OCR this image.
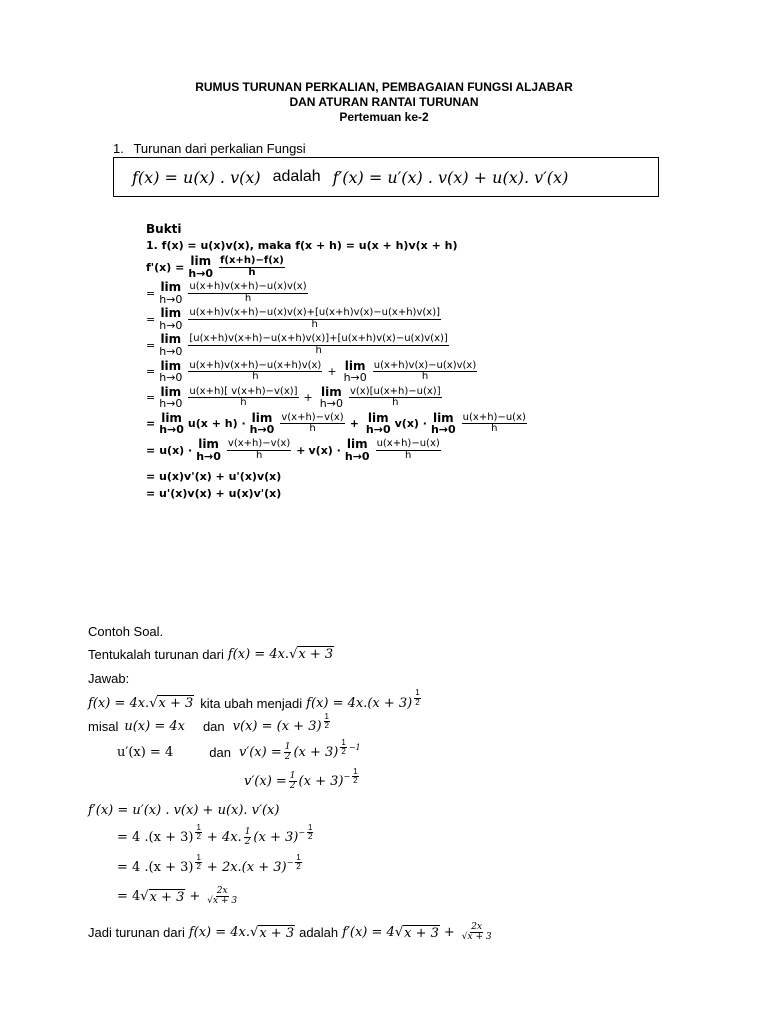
RUMUS TURUNAN PERKALIAN, PEMBAGAIAN FUNGSI ALJABAR
DAN ATURAN RANTAI TURUNAN
Pertemuan ke-2
1. Turunan dari perkalian Fungsi
f(x) = u(x) . v(x) adalah f′(x) = u′(x) . v(x) + u(x). v′(x)
Bukti
1. f(x) = u(x)v(x), maka f(x + h) = u(x + h)v(x + h)
f'(x) = lim
$h\to 0 \frac{f(x+h)-f(x)}{h}$
= lim
$h\to 0 \frac{u(x+h)v(x+h)-u(x)v(x)}{h}$
= lim
$h\to 0 \frac{u(x+h)v(x+h)-u(x)v(x)+[u(x+h)v(x)-u(x+h)v(x)]}{h}$
= lim
$h\to 0 \frac{[u(x+h)v(x+h)-u(x+h)v(x)]+[u(x+h)v(x)-u(x)v(x)]}{h}$
= lim
$h\to 0 \frac{u(x+h)v(x+h)-u(x+h)v(x)}{h} + \lim$
$h\to 0 \frac{u(x+h)v(x)-u(x)v(x)}{h}$
= lim
$h\to 0 \frac{u(x+h)[ v(x+h)-v(x)]}{h} + \lim$
$h\to 0 \frac{v(x)[u(x+h)-u(x)]}{h}$
= lim
h→0 u(x + h) · lim
$h\to 0 \frac{v(x+h)-v(x)}{h} + \lim$
h→0 v(x) · lim
$h\to 0 \frac{u(x+h)-u(x)}{h}$
= u(x) · lim
$h\to 0 \frac{v(x+h)-v(x)}{h} + v(x) \cdot \lim$
$h\to 0 \frac{u(x+h)-u(x)}{h}$
= u(x)v'(x) + u'(x)v(x)
= u'(x)v(x) + u(x)v'(x)
Contoh Soal.
Tentukalah turunan dari f(x) = 4x. √ x + 3
Jawab:
f(x) = 4x. √ x + 3 kita ubah menjadi $f(x) = 4x.(x + 3) \frac{1}{2}$
misal u(x) = 4x dan $v(x) = (x + 3) \frac{1}{2}$
u′(x) = 4	dan $v'(x) = \frac{1}{2} (x + 3) \frac{1}{2} -1$
$v'(x) = \frac{1}{2} (x + 3) - \frac{1}{2}$
f′(x) = u′(x) . v(x) + u(x). v′(x)
= 4 $.(x + 3) \frac{1}{2} + 4x$. $\frac{1}{2} (x + 3) - \frac{1}{2}$
= 4 $.(x + 3) \frac{1}{2} + 2x.(x + 3) - \frac{1}{2}$
= 4 √ $x + 3 + \frac{2x}{√x + 3}$
Jadi turunan dari f(x) = 4x. √ x + 3 adalah f′(x) = 4 √ $x + 3 + \frac{2x}{√x + 3}$
